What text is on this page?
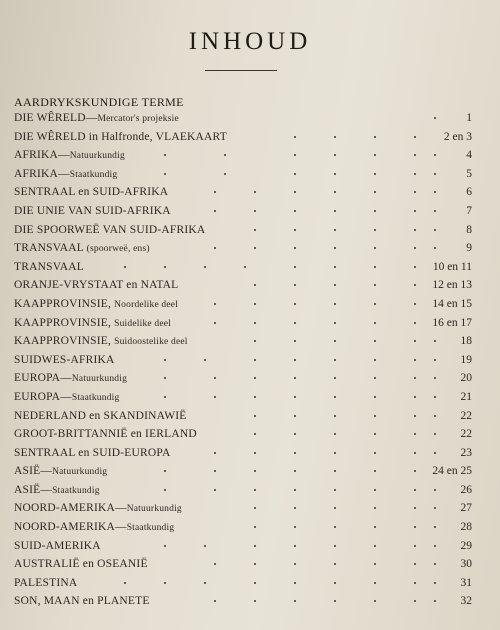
INHOUD
AARDRYKSKUNDIGE TERME
DIE WÊRELD—Mercator's projeksie	1
DIE WÊRELD in Halfronde, VLAEKAART	2 en 3
AFRIKA—Natuurkundig	4
AFRIKA—Staatkundig	5
SENTRAAL en SUID-AFRIKA	6
DIE UNIE VAN SUID-AFRIKA	7
DIE SPOORWEË VAN SUID-AFRIKA	8
TRANSVAAL (spoorweë, ens)	9
TRANSVAAL	10 en 11
ORANJE-VRYSTAAT en NATAL	12 en 13
KAAPPROVINSIE, Noordelike deel	14 en 15
KAAPPROVINSIE, Suidelike deel	16 en 17
KAAPPROVINSIE, Suidoostelike deel	18
SUIDWES-AFRIKA	19
EUROPA—Natuurkundig	20
EUROPA—Staatkundig	21
NEDERLAND en SKANDINAWIË	22
GROOT-BRITTANNIË en IERLAND	22
SENTRAAL en SUID-EUROPA	23
ASIË—Natuurkundig	24 en 25
ASIË—Staatkundig	26
NOORD-AMERIKA—Natuurkundig	27
NOORD-AMERIKA—Staatkundig	28
SUID-AMERIKA	29
AUSTRALIË en OSEANIË	30
PALESTINA	31
SON, MAAN en PLANETE	32
